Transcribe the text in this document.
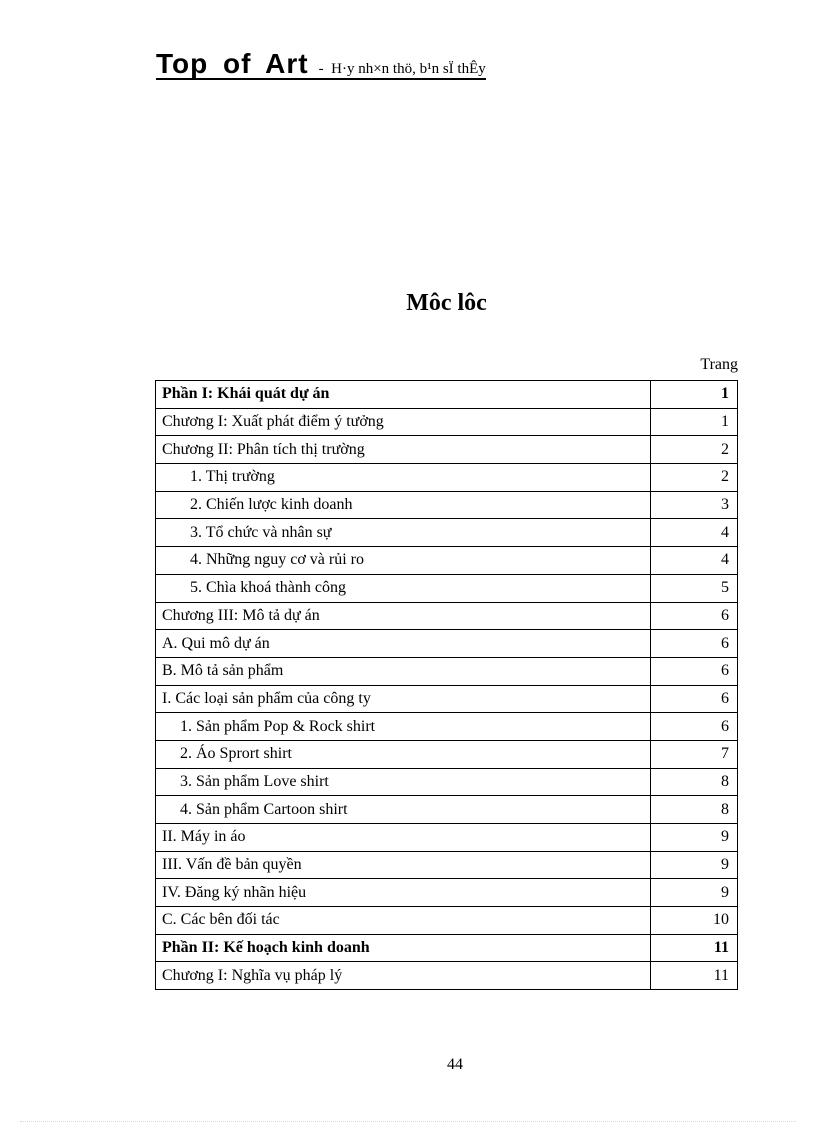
Top of Art - H·y nh×n thö, b¹n sÏ thÊy
Môc lôc
Trang
Phần I: Khái quát dự án	1
Chương I: Xuất phát điểm ý tưởng	1
Chương II: Phân tích thị trường	2
1. Thị trường	2
2. Chiến lược kinh doanh	3
3. Tổ chức và nhân sự	4
4. Những nguy cơ và rủi ro	4
5. Chìa khoá thành công	5
Chương III: Mô tả dự án	6
A. Qui mô dự án	6
B. Mô tả sản phẩm	6
I. Các loại sản phẩm của công ty	6
1. Sản phẩm Pop & Rock shirt	6
2. Áo Sprort shirt	7
3. Sản phẩm Love shirt	8
4. Sản phẩm Cartoon shirt	8
II. Máy in áo	9
III. Vấn đề bản quyền	9
IV. Đăng ký nhãn hiệu	9
C. Các bên đối tác	10
Phần II: Kế hoạch kinh doanh	11
Chương I: Nghĩa vụ pháp lý	11
44
